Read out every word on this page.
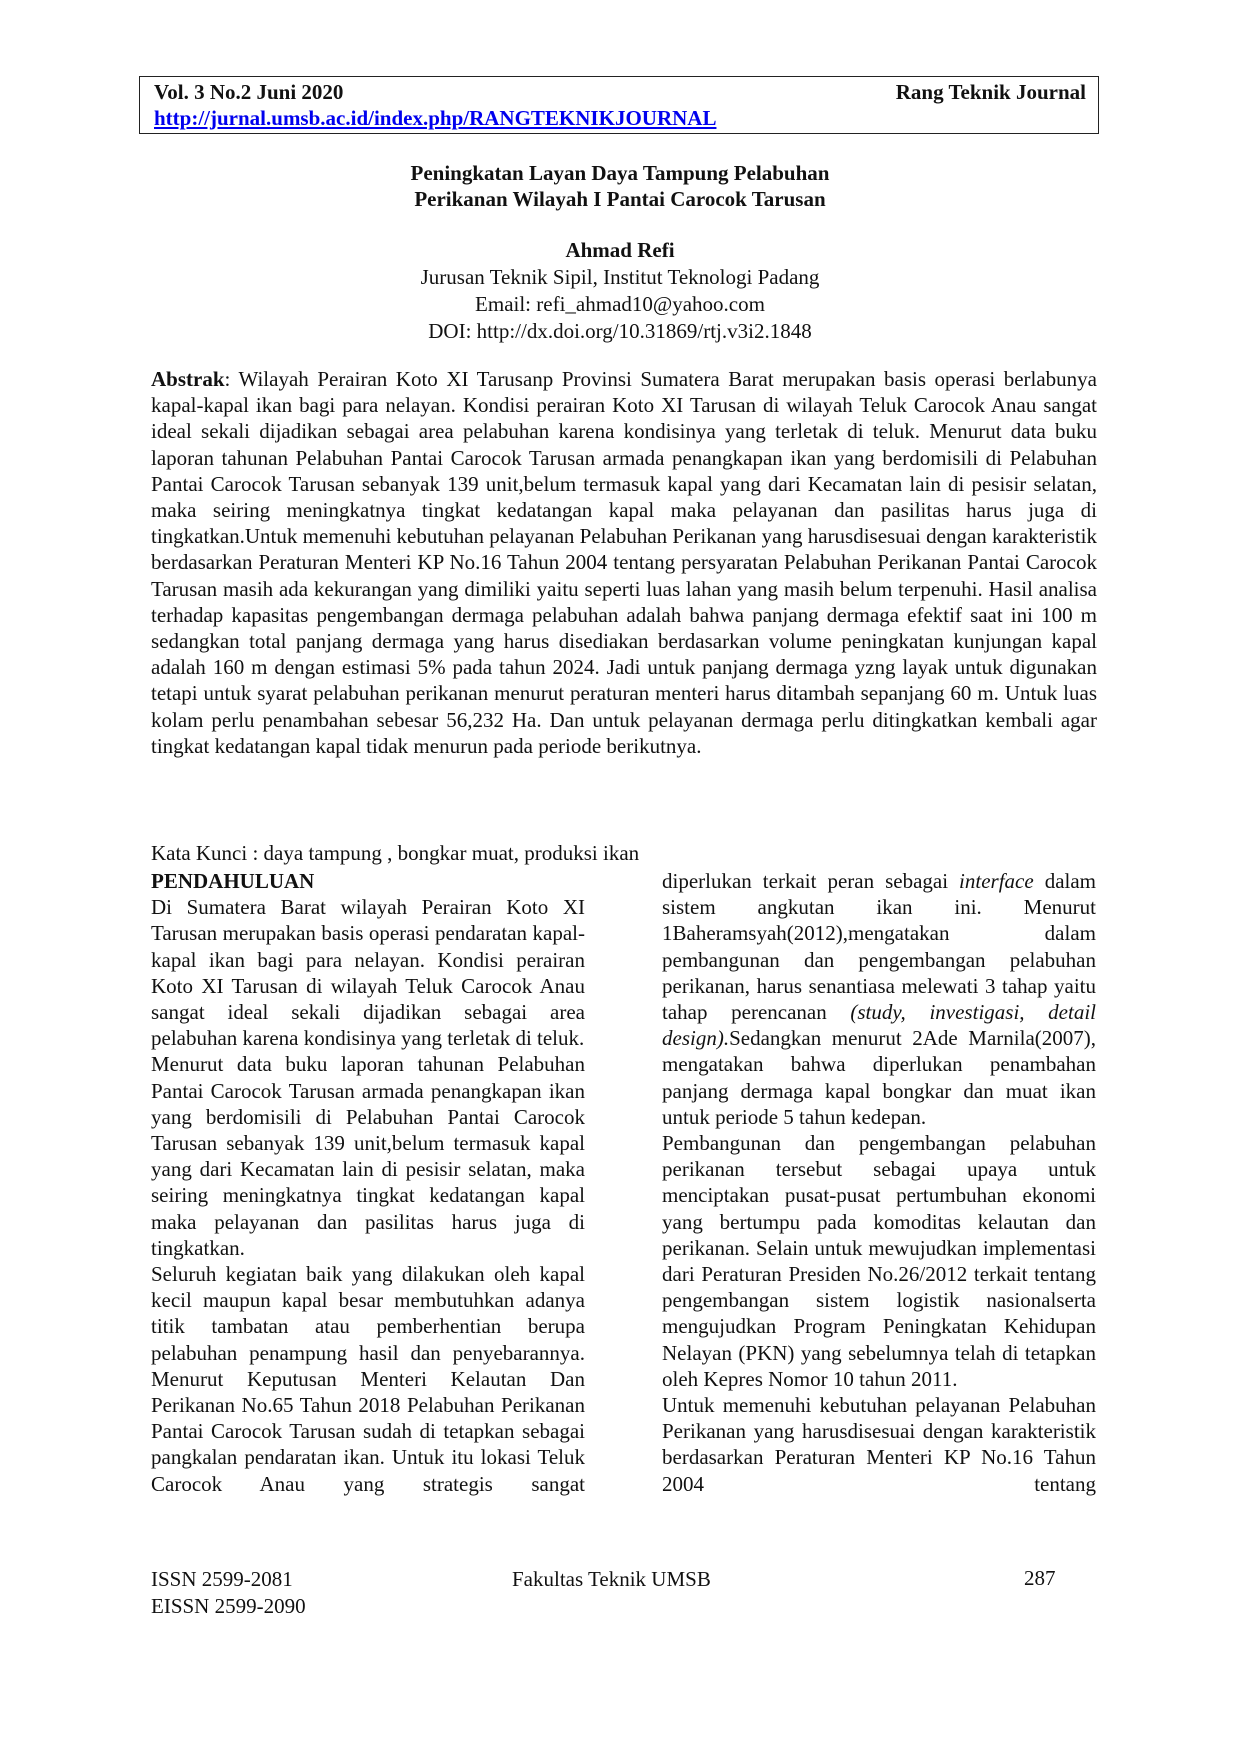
Vol. 3 No.2 Juni 2020	Rang Teknik Journal
http://jurnal.umsb.ac.id/index.php/RANGTEKNIKJOURNAL
Peningkatan Layan Daya Tampung Pelabuhan
Perikanan Wilayah I Pantai Carocok Tarusan
Ahmad Refi
Jurusan Teknik Sipil, Institut Teknologi Padang
Email: refi_ahmad10@yahoo.com
DOI: http://dx.doi.org/10.31869/rtj.v3i2.1848
Abstrak: Wilayah Perairan Koto XI Tarusanp Provinsi Sumatera Barat merupakan basis operasi berlabunya kapal-kapal ikan bagi para nelayan. Kondisi perairan Koto XI Tarusan di wilayah Teluk Carocok Anau sangat ideal sekali dijadikan sebagai area pelabuhan karena kondisinya yang terletak di teluk. Menurut data buku laporan tahunan Pelabuhan Pantai Carocok Tarusan armada penangkapan ikan yang berdomisili di Pelabuhan Pantai Carocok Tarusan sebanyak 139 unit,belum termasuk kapal yang dari Kecamatan lain di pesisir selatan, maka seiring meningkatnya tingkat kedatangan kapal maka pelayanan dan pasilitas harus juga di tingkatkan.Untuk memenuhi kebutuhan pelayanan Pelabuhan Perikanan yang harusdisesuai dengan karakteristik berdasarkan Peraturan Menteri KP No.16 Tahun 2004 tentang persyaratan Pelabuhan Perikanan Pantai Carocok Tarusan masih ada kekurangan yang dimiliki yaitu seperti luas lahan yang masih belum terpenuhi. Hasil analisa terhadap kapasitas pengembangan dermaga pelabuhan adalah bahwa panjang dermaga efektif saat ini 100 m sedangkan total panjang dermaga yang harus disediakan berdasarkan volume peningkatan kunjungan kapal adalah 160 m dengan estimasi 5% pada tahun 2024. Jadi untuk panjang dermaga yzng layak untuk digunakan tetapi untuk syarat pelabuhan perikanan menurut peraturan menteri harus ditambah sepanjang 60 m. Untuk luas kolam perlu penambahan sebesar 56,232 Ha. Dan untuk pelayanan dermaga perlu ditingkatkan kembali agar tingkat kedatangan kapal tidak menurun pada periode berikutnya.
Kata Kunci : daya tampung , bongkar muat, produksi ikan
PENDAHULUAN

Di Sumatera Barat wilayah Perairan Koto XI Tarusan merupakan basis operasi pendaratan kapal-kapal ikan bagi para nelayan. Kondisi perairan Koto XI Tarusan di wilayah Teluk Carocok Anau sangat ideal sekali dijadikan sebagai area pelabuhan karena kondisinya yang terletak di teluk.

Menurut data buku laporan tahunan Pelabuhan Pantai Carocok Tarusan armada penangkapan ikan yang berdomisili di Pelabuhan Pantai Carocok Tarusan sebanyak 139 unit,belum termasuk kapal yang dari Kecamatan lain di pesisir selatan, maka seiring meningkatnya tingkat kedatangan kapal maka pelayanan dan pasilitas harus juga di tingkatkan.

Seluruh kegiatan baik yang dilakukan oleh kapal kecil maupun kapal besar membutuhkan adanya titik tambatan atau pemberhentian berupa pelabuhan penampung hasil dan penyebarannya. Menurut Keputusan Menteri Kelautan Dan Perikanan No.65 Tahun 2018 Pelabuhan Perikanan Pantai Carocok Tarusan sudah di tetapkan sebagai pangkalan pendaratan ikan. Untuk itu lokasi Teluk Carocok Anau yang strategis sangat

diperlukan terkait peran sebagai interface dalam sistem angkutan ikan ini. Menurut 1Baheramsyah(2012),mengatakan dalam pembangunan dan pengembangan pelabuhan perikanan, harus senantiasa melewati 3 tahap yaitu tahap perencanan (study, investigasi, detail design).Sedangkan menurut 2Ade Marnila(2007), mengatakan bahwa diperlukan penambahan panjang dermaga kapal bongkar dan muat ikan untuk periode 5 tahun kedepan.

Pembangunan dan pengembangan pelabuhan perikanan tersebut sebagai upaya untuk menciptakan pusat-pusat pertumbuhan ekonomi yang bertumpu pada komoditas kelautan dan perikanan. Selain untuk mewujudkan implementasi dari Peraturan Presiden No.26/2012 terkait tentang pengembangan sistem logistik nasionalserta mengujudkan Program Peningkatan Kehidupan Nelayan (PKN) yang sebelumnya telah di tetapkan oleh Kepres Nomor 10 tahun 2011.

Untuk memenuhi kebutuhan pelayanan Pelabuhan Perikanan yang harusdisesuai dengan karakteristik berdasarkan Peraturan Menteri KP No.16 Tahun 2004 tentang

ISSN 2599-2081
EISSN 2599-2090
Fakultas Teknik UMSB	287
